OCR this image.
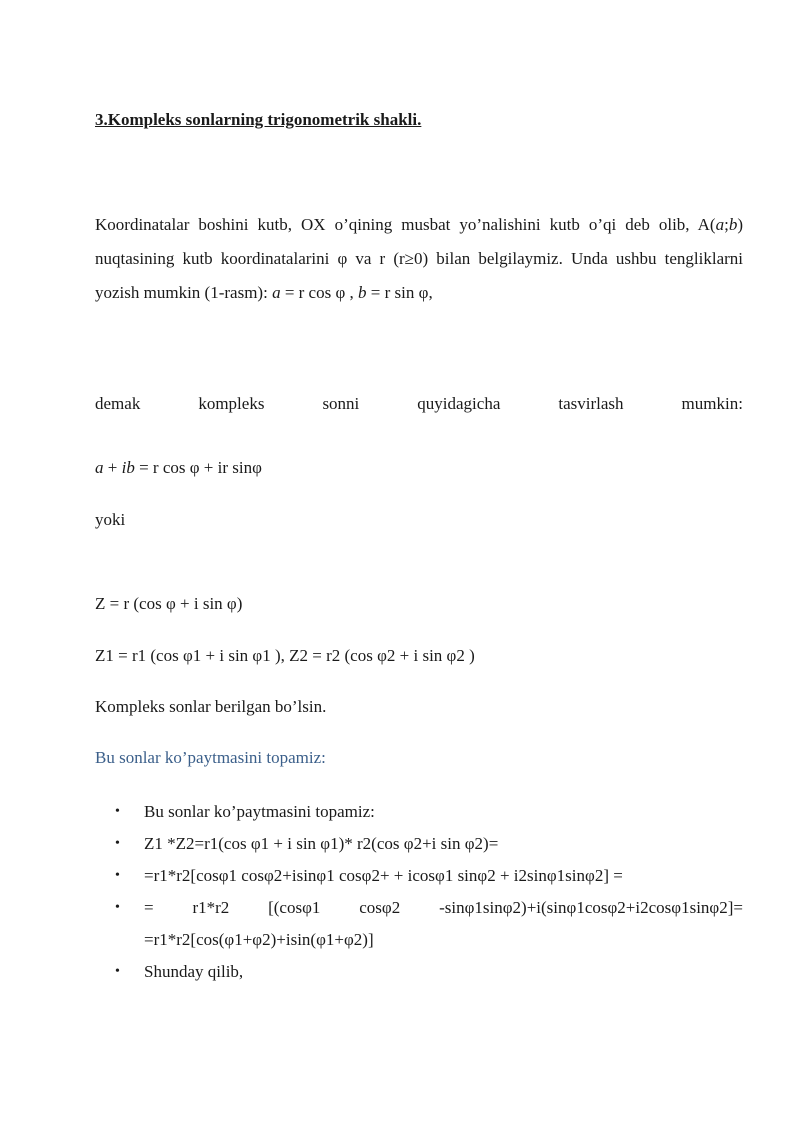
3.Kompleks sonlarning trigonometrik shakli.
Koordinatalar boshini kutb, OX o’qining musbat yo’nalishini kutb o’qi deb olib, A(a;b) nuqtasining kutb koordinatalarini φ va r (r≥0) bilan belgilaymiz. Unda ushbu tengliklarni yozish mumkin (1-rasm): a = r cos φ , b = r sin φ,
demak	kompleks	sonni	quyidagicha	tasvirlash	mumkin:
a + ib = r cos φ + ir sinφ
yoki
Z = r (cos φ + i sin φ)
Z1 = r1 (cos φ1 + i sin φ1 ), Z2 = r2 (cos φ2 + i sin φ2 )
Kompleks sonlar berilgan bo’lsin.
Bu sonlar ko’paytmasini topamiz:
• Bu sonlar ko’paytmasini topamiz:
• Z1 *Z2=r1(cos φ1 + i sin φ1)* r2(cos φ2+i sin φ2)=
• =r1*r2[cosφ1 cosφ2+isinφ1 cosφ2+ + icosφ1 sinφ2 + i2sinφ1sinφ2] =
• = r1*r2 [(cosφ1 cosφ2 -sinφ1sinφ2)+i(sinφ1cosφ2+i2cosφ1sinφ2]=
=r1*r2[cos(φ1+φ2)+isin(φ1+φ2)]
• Shunday qilib,
